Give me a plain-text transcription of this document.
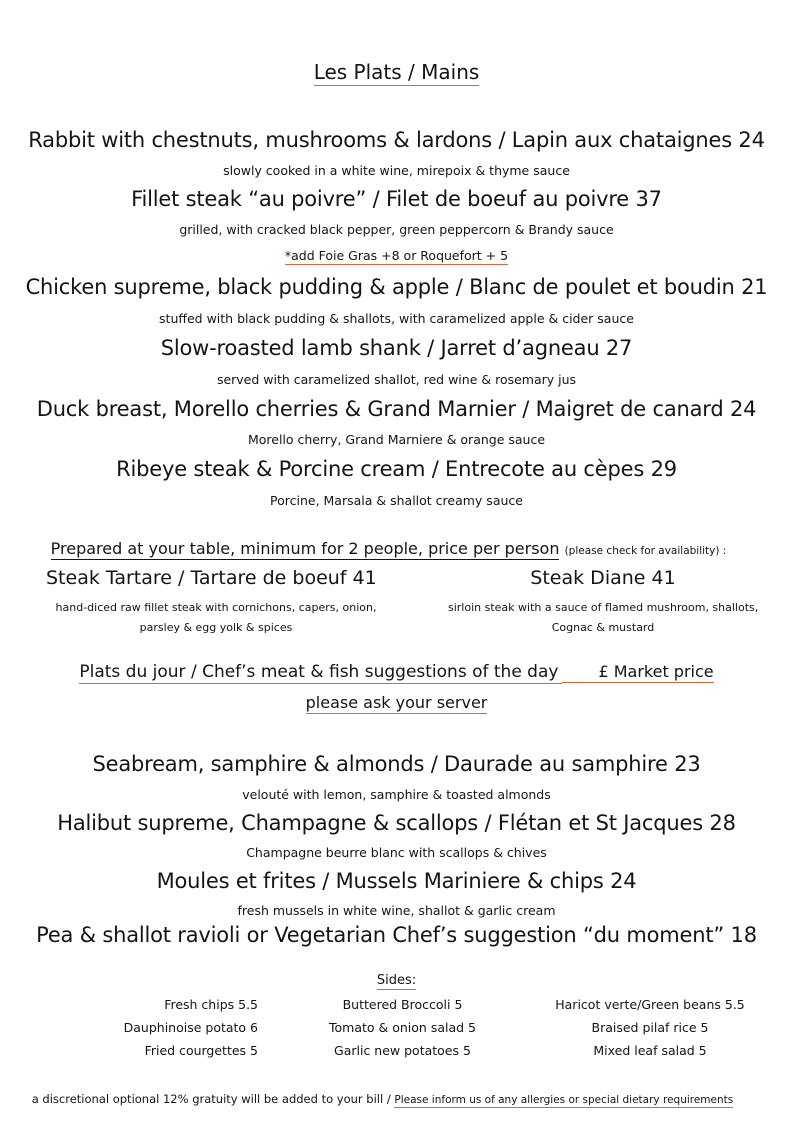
Les Plats / Mains
Rabbit with chestnuts, mushrooms & lardons / Lapin aux chataignes 24
slowly cooked in a white wine, mirepoix & thyme sauce
Fillet steak “au poivre” / Filet de boeuf au poivre 37
grilled, with cracked black pepper, green peppercorn & Brandy sauce
*add Foie Gras +8 or Roquefort + 5
Chicken supreme, black pudding & apple / Blanc de poulet et boudin 21
stuffed with black pudding & shallots, with caramelized apple & cider sauce
Slow-roasted lamb shank / Jarret d’agneau 27
served with caramelized shallot, red wine & rosemary jus
Duck breast, Morello cherries & Grand Marnier / Maigret de canard 24
Morello cherry, Grand Marniere & orange sauce
Ribeye steak & Porcine cream / Entrecote au cèpes 29
Porcine, Marsala & shallot creamy sauce
Prepared at your table, minimum for 2 people, price per person (please check for availability) :
Steak Tartare / Tartare de boeuf 41
hand-diced raw fillet steak with cornichons, capers, onion,
parsley & egg yolk & spices
Steak Diane 41
sirloin steak with a sauce of flamed mushroom, shallots,
Cognac & mustard
Plats du jour / Chef’s meat & fish suggestions of the day	£ Market price
please ask your server
Seabream, samphire & almonds / Daurade au samphire 23
velouté with lemon, samphire & toasted almonds
Halibut supreme, Champagne & scallops / Flétan et St Jacques 28
Champagne beurre blanc with scallops & chives
Moules et frites / Mussels Mariniere & chips 24
fresh mussels in white wine, shallot & garlic cream
Pea & shallot ravioli or Vegetarian Chef’s suggestion “du moment” 18
Sides:
Fresh chips 5.5
Dauphinoise potato 6
Fried courgettes 5
Buttered Broccoli 5
Tomato & onion salad 5
Garlic new potatoes 5
Haricot verte/Green beans 5.5
Braised pilaf rice 5
Mixed leaf salad 5
a discretional optional 12% gratuity will be added to your bill / Please inform us of any allergies or special dietary requirements
